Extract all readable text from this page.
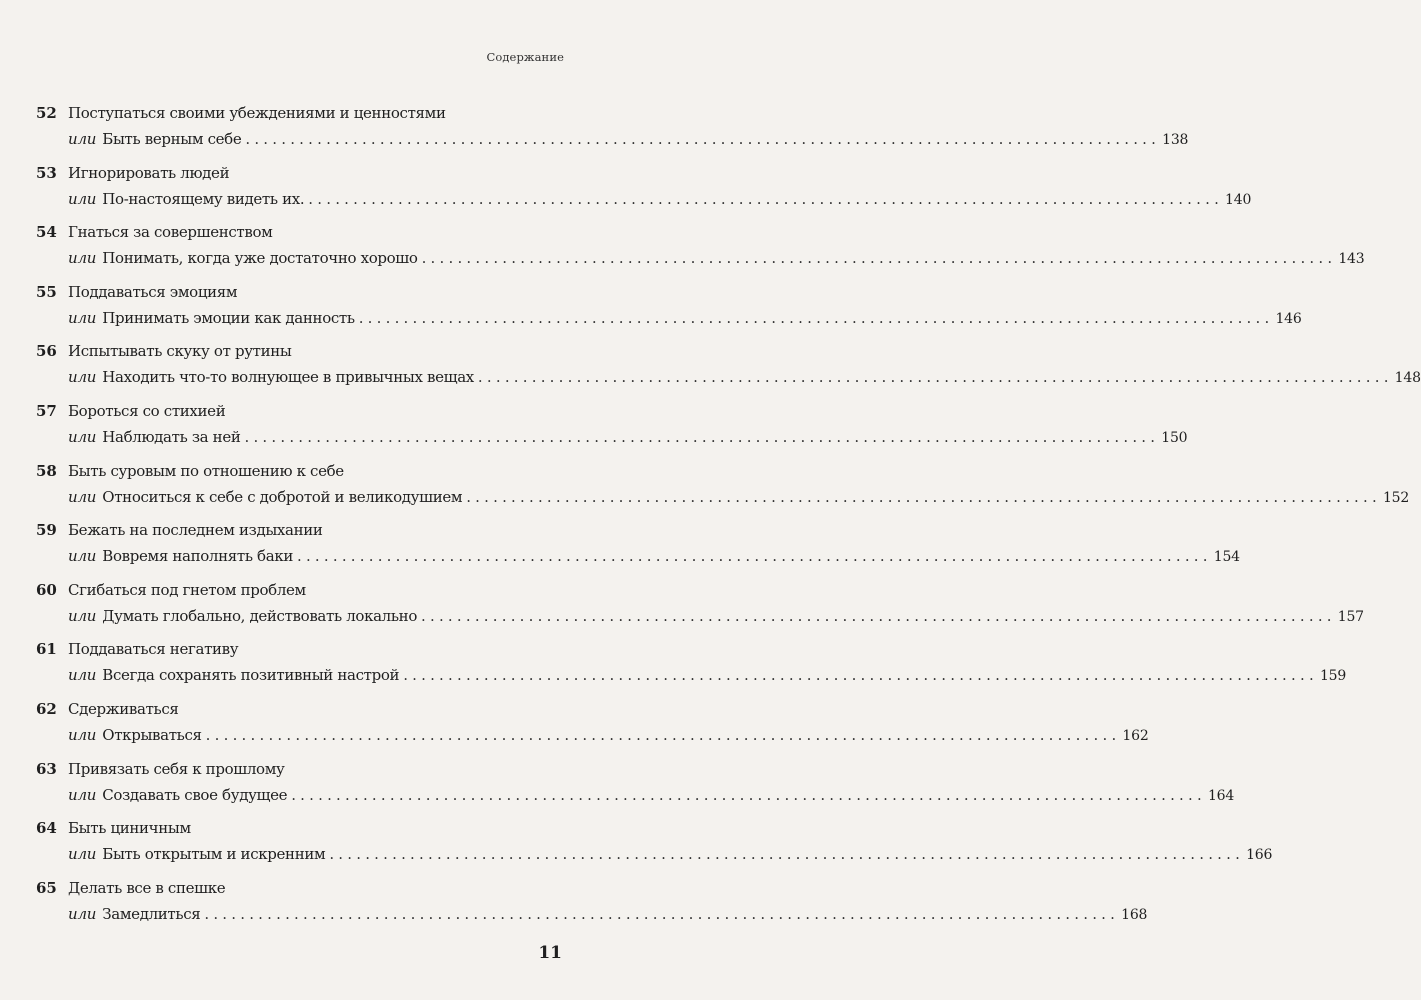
Содержание
52 Поступаться своими убеждениями и ценностями
или Быть верным себе ...................................................................................................... 138
53 Игнорировать людей
или По-настоящему видеть их. ...................................................................................................... 140
54 Гнаться за совершенством
или Понимать, когда уже достаточно хорошо ...................................................................................................... 143
55 Поддаваться эмоциям
или Принимать эмоции как данность ...................................................................................................... 146
56 Испытывать скуку от рутины
или Находить что-то волнующее в привычных вещах ...................................................................................................... 148
57 Бороться со стихией
или Наблюдать за ней ...................................................................................................... 150
58 Быть суровым по отношению к себе
или Относиться к себе с добротой и великодушием ...................................................................................................... 152
59 Бежать на последнем издыхании
или Вовремя наполнять баки ...................................................................................................... 154
60 Сгибаться под гнетом проблем
или Думать глобально, действовать локально ...................................................................................................... 157
61 Поддаваться негативу
или Всегда сохранять позитивный настрой ...................................................................................................... 159
62 Сдерживаться
или Открываться ...................................................................................................... 162
63 Привязать себя к прошлому
или Создавать свое будущее ...................................................................................................... 164
64 Быть циничным
или Быть открытым и искренним ...................................................................................................... 166
65 Делать все в спешке
или Замедлиться ...................................................................................................... 168
11
